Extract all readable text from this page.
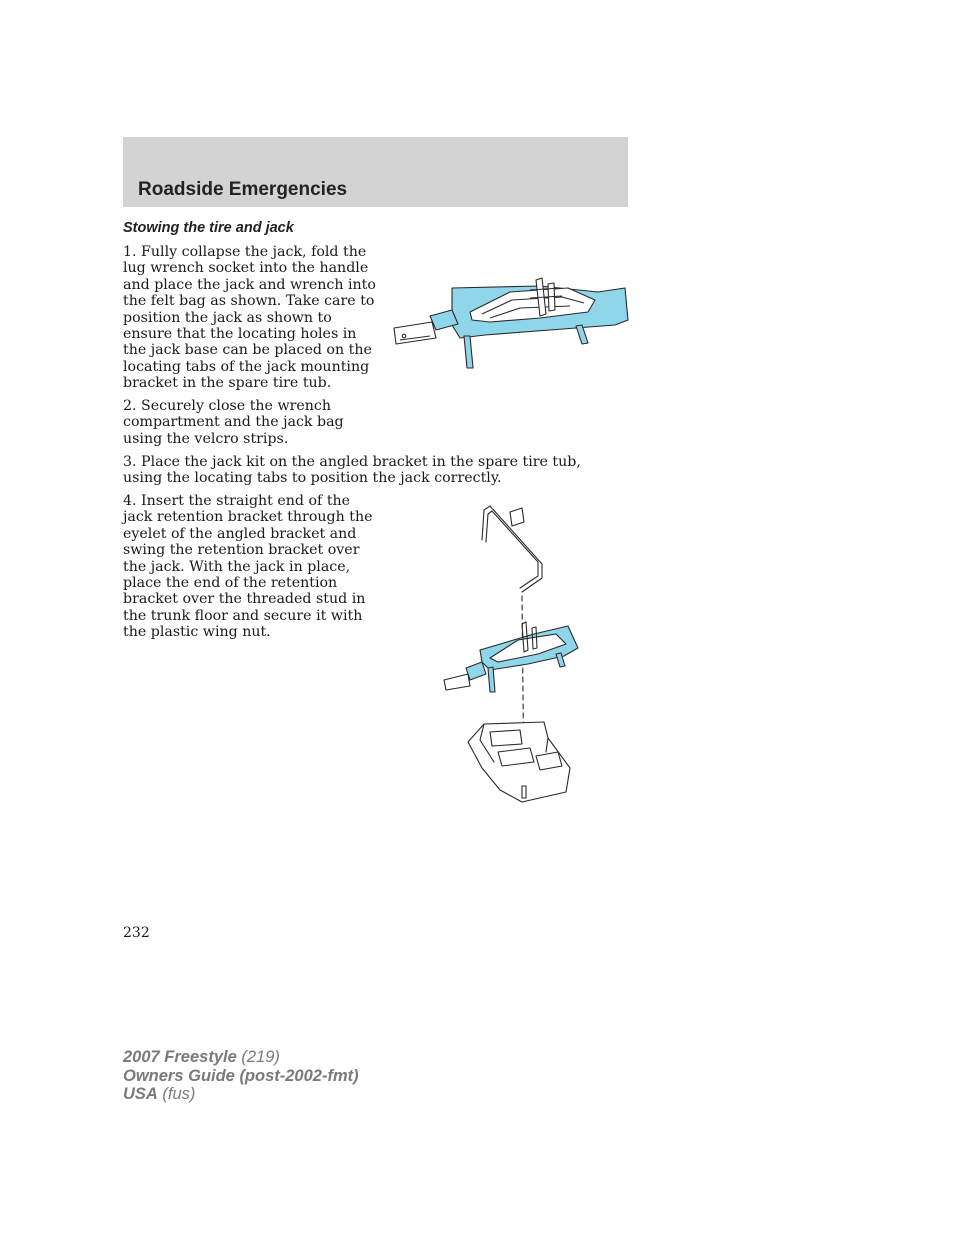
Roadside Emergencies
Stowing the tire and jack

1. Fully collapse the jack, fold the lug wrench socket into the handle and place the jack and wrench into the felt bag as shown. Take care to position the jack as shown to ensure that the locating holes in the jack base can be placed on the locating tabs of the jack mounting bracket in the spare tire tub.

2. Securely close the wrench compartment and the jack bag using the velcro strips.

3. Place the jack kit on the angled bracket in the spare tire tub, using the locating tabs to position the jack correctly.

4. Insert the straight end of the jack retention bracket through the eyelet of the angled bracket and swing the retention bracket over the jack. With the jack in place, place the end of the retention bracket over the threaded stud in the trunk floor and secure it with the plastic wing nut.

232

2007 Freestyle (219)
Owners Guide (post-2002-fmt)
USA (fus)
